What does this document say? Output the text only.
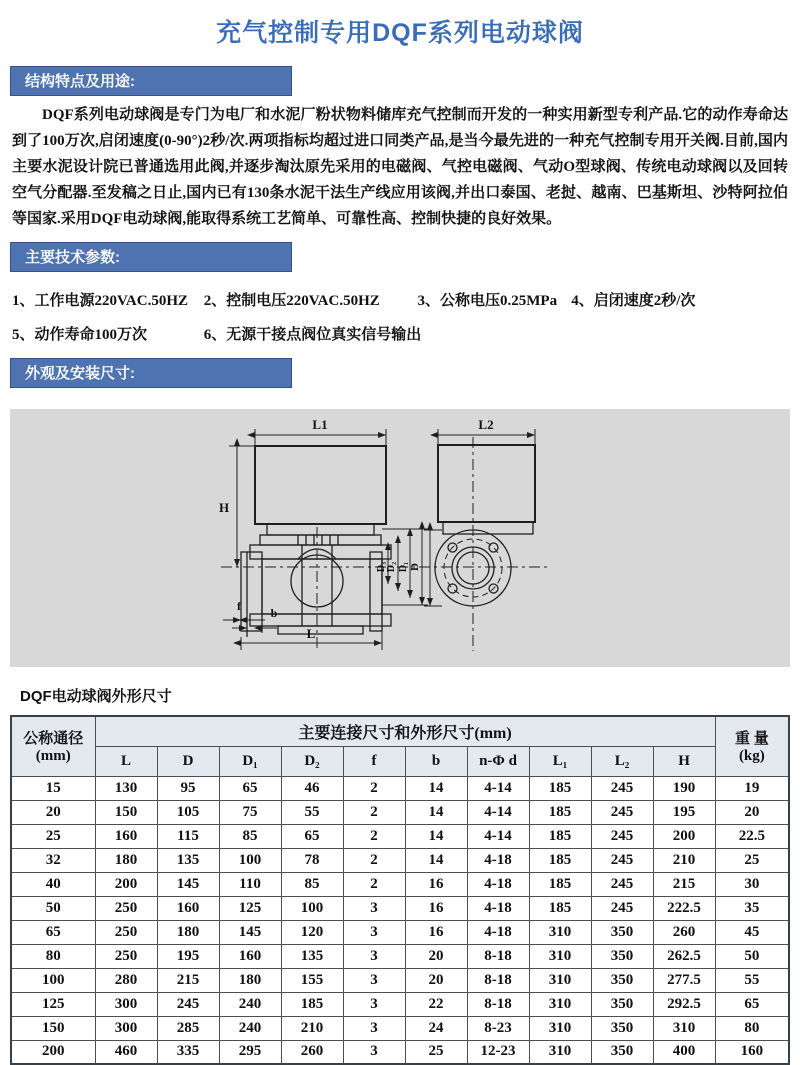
充气控制专用DQF系列电动球阀
结构特点及用途:
DQF系列电动球阀是专门为电厂和水泥厂粉状物料储库充气控制而开发的一种实用新型专利产品.它的动作寿命达到了100万次,启闭速度(0-90°)2秒/次.两项指标均超过进口同类产品,是当今最先进的一种充气控制专用开关阀.目前,国内主要水泥设计院已普通选用此阀,并逐步淘汰原先采用的电磁阀、气控电磁阀、气动O型球阀、传统电动球阀以及回转空气分配器.至发稿之日止,国内已有130条水泥干法生产线应用该阀,并出口泰国、老挝、越南、巴基斯坦、沙特阿拉伯等国家.采用DQF电动球阀,能取得系统工艺简单、可靠性高、控制快捷的良好效果。
主要技术参数:
1、工作电源220VAC.50HZ 2、控制电压220VAC.50HZ	3、公称电压0.25MPa 4、启闭速度2秒/次
5、动作寿命100万次	6、无源干接点阀位真实信号输出
外观及安装尺寸:
L1	L2
H
L
f b
D₃ D₂ D₁ D
DQF电动球阀外形尺寸
公称通径
(mm)
	主要连接尺寸和外形尺寸(mm)	重 量
(kg)

	L	D	D₁	D₂	f	b	n-Φ d	L₁	L₂	H	
15	130	95	65	46	2	14	4-14	185	245	190	19
20	150	105	75	55	2	14	4-14	185	245	195	20
25	160	115	85	65	2	14	4-14	185	245	200	22.5
32	180	135	100	78	2	14	4-18	185	245	210	25
40	200	145	110	85	2	16	4-18	185	245	215	30
50	250	160	125	100	3	16	4-18	185	245	222.5	35
65	250	180	145	120	3	16	4-18	310	350	260	45
80	250	195	160	135	3	20	8-18	310	350	262.5	50
100	280	215	180	155	3	20	8-18	310	350	277.5	55
125	300	245	240	185	3	22	8-18	310	350	292.5	65
150	300	285	240	210	3	24	8-23	310	350	310	80
200	460	335	295	260	3	25	12-23	310	350	400	160
